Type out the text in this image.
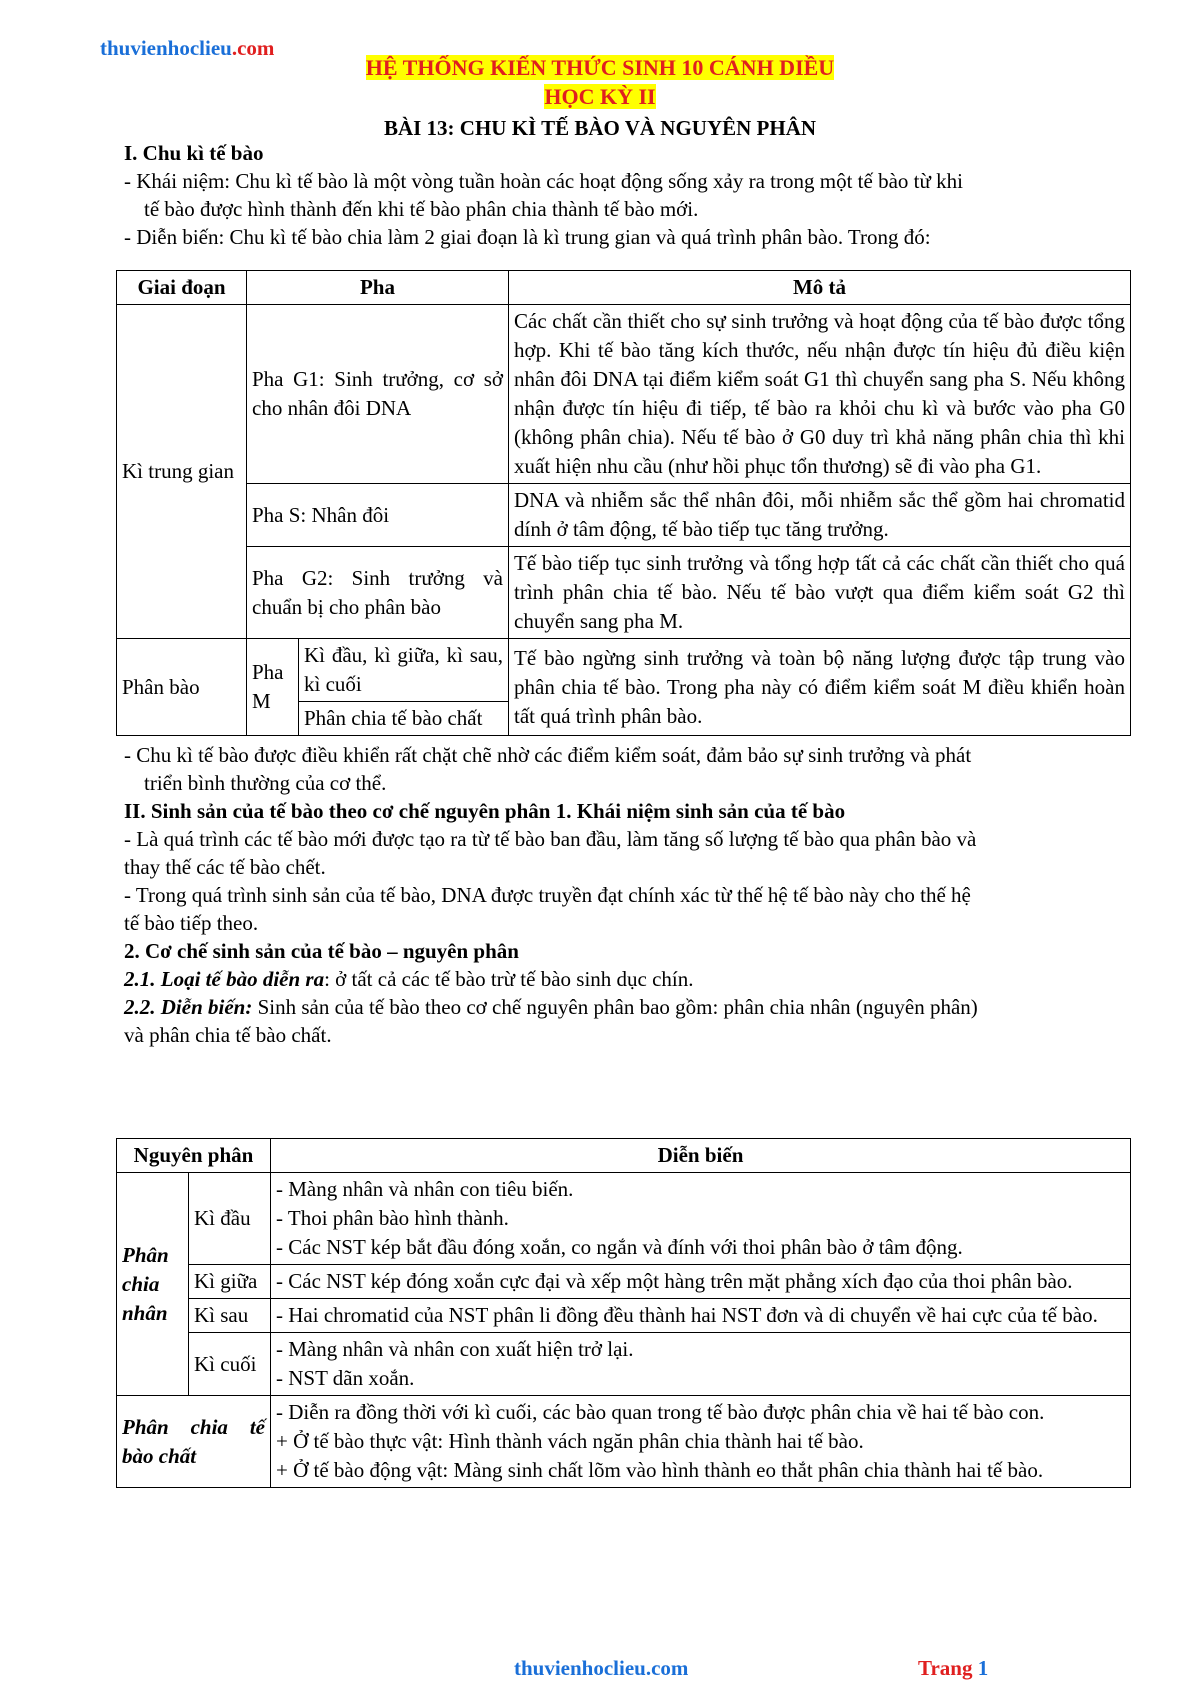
thuvienhoclieu.com
HỆ THỐNG KIẾN THỨC SINH 10 CÁNH DIỀU
HỌC KỲ II
BÀI 13: CHU KÌ TẾ BÀO VÀ NGUYÊN PHÂN
I. Chu kì tế bào
- Khái niệm: Chu kì tế bào là một vòng tuần hoàn các hoạt động sống xảy ra trong một tế bào từ khi
tế bào được hình thành đến khi tế bào phân chia thành tế bào mới.
- Diễn biến: Chu kì tế bào chia làm 2 giai đoạn là kì trung gian và quá trình phân bào. Trong đó:
Giai đoạn	Pha		Mô tả
Kì trung gian	Pha G1: Sinh trưởng, cơ sở cho nhân đôi DNA		Các chất cần thiết cho sự sinh trưởng và hoạt động của tế bào được tổng hợp. Khi tế bào tăng kích thước, nếu nhận được tín hiệu đủ điều kiện nhân đôi DNA tại điểm kiểm soát G1 thì chuyển sang pha S. Nếu không nhận được tín hiệu đi tiếp, tế bào ra khỏi chu kì và bước vào pha G0 (không phân chia). Nếu tế bào ở G0 duy trì khả năng phân chia thì khi xuất hiện nhu cầu (như hồi phục tổn thương) sẽ đi vào pha G1.
	Pha S: Nhân đôi		DNA và nhiễm sắc thể nhân đôi, mỗi nhiễm sắc thể gồm hai chromatid dính ở tâm động, tế bào tiếp tục tăng trưởng.
	Pha G2: Sinh trưởng và chuẩn bị cho phân bào		Tế bào tiếp tục sinh trưởng và tổng hợp tất cả các chất cần thiết cho quá trình phân chia tế bào. Nếu tế bào vượt qua điểm kiểm soát G2 thì chuyển sang pha M.
Phân bào	Pha M	Kì đầu, kì giữa, kì sau, kì cuối	Tế bào ngừng sinh trưởng và toàn bộ năng lượng được tập trung vào phân chia tế bào. Trong pha này có điểm kiểm soát M điều khiển hoàn tất quá trình phân bào.
		Phân chia tế bào chất	
- Chu kì tế bào được điều khiển rất chặt chẽ nhờ các điểm kiểm soát, đảm bảo sự sinh trưởng và phát
triển bình thường của cơ thể.
II. Sinh sản của tế bào theo cơ chế nguyên phân 1. Khái niệm sinh sản của tế bào
- Là quá trình các tế bào mới được tạo ra từ tế bào ban đầu, làm tăng số lượng tế bào qua phân bào và
thay thế các tế bào chết.
- Trong quá trình sinh sản của tế bào, DNA được truyền đạt chính xác từ thế hệ tế bào này cho thế hệ
tế bào tiếp theo.
2. Cơ chế sinh sản của tế bào – nguyên phân
2.1. Loại tế bào diễn ra: ở tất cả các tế bào trừ tế bào sinh dục chín.
2.2. Diễn biến: Sinh sản của tế bào theo cơ chế nguyên phân bao gồm: phân chia nhân (nguyên phân)
và phân chia tế bào chất.
Nguyên phân		Diễn biến
Phân chia nhân	Kì đầu	- Màng nhân và nhân con tiêu biến.
- Thoi phân bào hình thành.
- Các NST kép bắt đầu đóng xoắn, co ngắn và đính với thoi phân bào ở tâm động.

	Kì giữa	- Các NST kép đóng xoắn cực đại và xếp một hàng trên mặt phẳng xích đạo của thoi phân bào.

	Kì sau	- Hai chromatid của NST phân li đồng đều thành hai NST đơn và di chuyển về hai cực của tế bào.

	Kì cuối	- Màng nhân và nhân con xuất hiện trở lại.
- NST dãn xoắn.

Phân chia tế bào chất		- Diễn ra đồng thời với kì cuối, các bào quan trong tế bào được phân chia về hai tế bào con.
+ Ở tế bào thực vật: Hình thành vách ngăn phân chia thành hai tế bào.
+ Ở tế bào động vật: Màng sinh chất lõm vào hình thành eo thắt phân chia thành hai tế bào.
thuvienhoclieu.com	Trang 1
